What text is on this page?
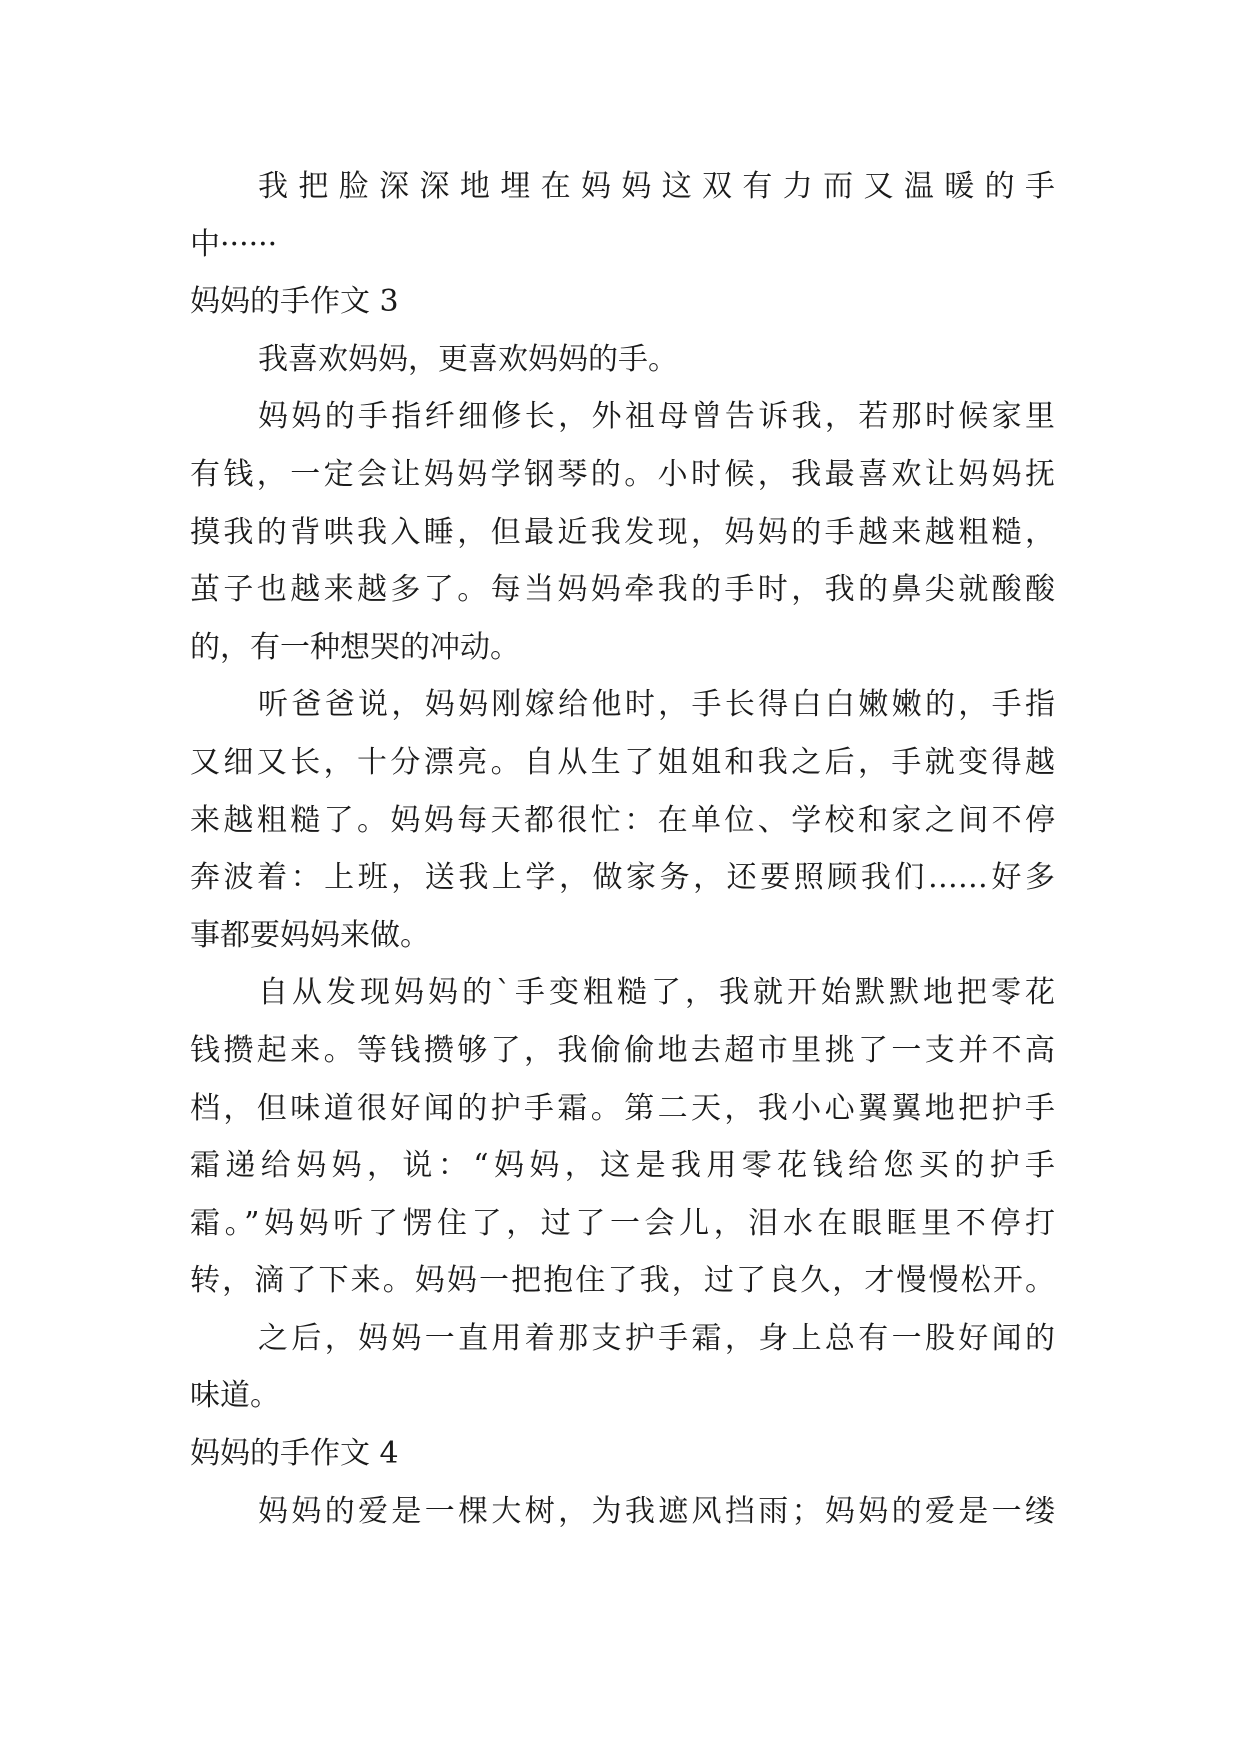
我把脸深深地埋在妈妈这双有力而又温暖的手
中······
妈妈的手作文 3
我喜欢妈妈，更喜欢妈妈的手。
妈妈的手指纤细修长，外祖母曾告诉我，若那时候家里
有钱，一定会让妈妈学钢琴的。小时候，我最喜欢让妈妈抚
摸我的背哄我入睡，但最近我发现，妈妈的手越来越粗糙，
茧子也越来越多了。每当妈妈牵我的手时，我的鼻尖就酸酸
的，有一种想哭的冲动。
听爸爸说，妈妈刚嫁给他时，手长得白白嫩嫩的，手指
又细又长，十分漂亮。自从生了姐姐和我之后，手就变得越
来越粗糙了。妈妈每天都很忙：在单位、学校和家之间不停
奔波着：上班，送我上学，做家务，还要照顾我们……好多
事都要妈妈来做。
自从发现妈妈的`手变粗糙了，我就开始默默地把零花
钱攒起来。等钱攒够了，我偷偷地去超市里挑了一支并不高
档，但味道很好闻的护手霜。第二天，我小心翼翼地把护手
霜递给妈妈，说：“妈妈，这是我用零花钱给您买的护手
霜。”妈妈听了愣住了，过了一会儿，泪水在眼眶里不停打
转，滴了下来。妈妈一把抱住了我，过了良久，才慢慢松开。
之后，妈妈一直用着那支护手霜，身上总有一股好闻的
味道。
妈妈的手作文 4
妈妈的爱是一棵大树，为我遮风挡雨；妈妈的爱是一缕
